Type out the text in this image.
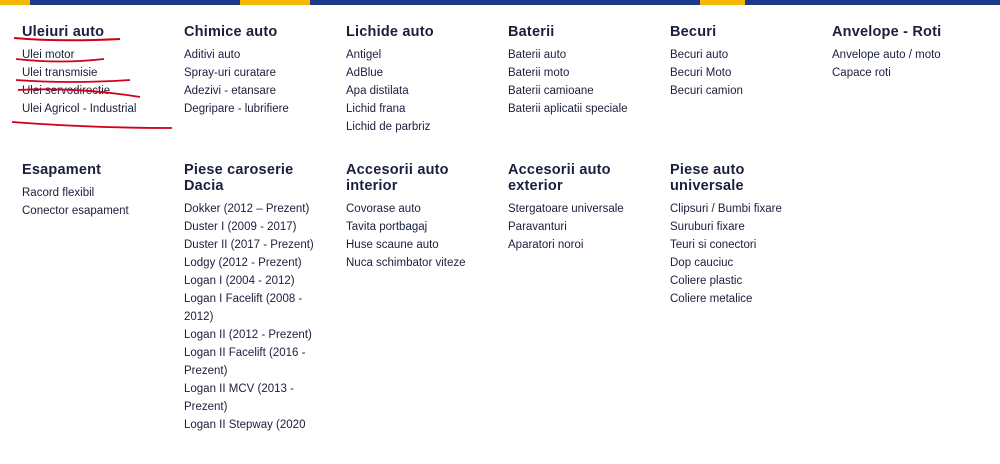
Uleiuri auto
Ulei motor
Ulei transmisie
Ulei servodirectie
Ulei Agricol - Industrial
Chimice auto
Aditivi auto
Spray-uri curatare
Adezivi - etansare
Degripare - lubrifiere
Lichide auto
Antigel
AdBlue
Apa distilata
Lichid frana
Lichid de parbriz
Baterii
Baterii auto
Baterii moto
Baterii camioane
Baterii aplicatii speciale
Becuri
Becuri auto
Becuri Moto
Becuri camion
Anvelope - Roti
Anvelope auto / moto
Capace roti
Esapament
Racord flexibil
Conector esapament
Piese caroserie Dacia
Dokker (2012 – Prezent)
Duster I (2009 - 2017)
Duster II (2017 - Prezent)
Lodgy (2012 - Prezent)
Logan I (2004 - 2012)
Logan I Facelift (2008 - 2012)
Logan II (2012 - Prezent)
Logan II Facelift (2016 - Prezent)
Logan II MCV (2013 - Prezent)
Logan II Stepway (2020
Accesorii auto interior
Covorase auto
Tavita portbagaj
Huse scaune auto
Nuca schimbator viteze
Accesorii auto exterior
Stergatoare universale
Paravanturi
Aparatori noroi
Piese auto universale
Clipsuri / Bumbi fixare
Suruburi fixare
Teuri si conectori
Dop cauciuc
Coliere plastic
Coliere metalice
